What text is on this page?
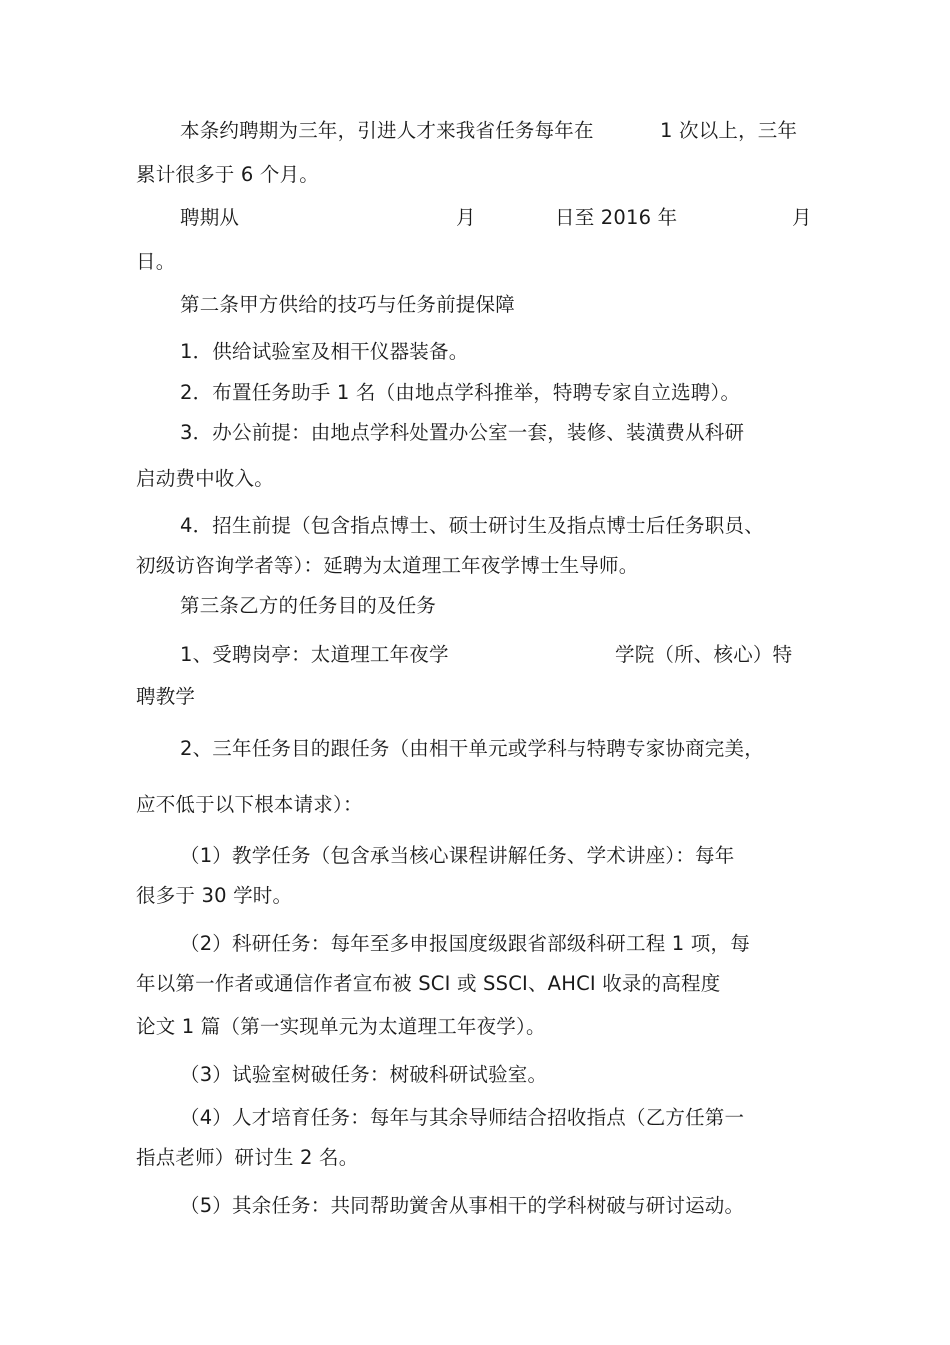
本条约聘期为三年，引进人才来我省任务每年在	1 次以上，三年
累计很多于 6 个月。
聘期从	月	日至 2016 年	月
日。
第二条甲方供给的技巧与任务前提保障
1．供给试验室及相干仪器装备。
2．布置任务助手 1 名（由地点学科推举，特聘专家自立选聘）。
3．办公前提：由地点学科处置办公室一套，装修、装潢费从科研
启动费中收入。
4．招生前提（包含指点博士、硕士研讨生及指点博士后任务职员、
初级访咨询学者等）：延聘为太道理工年夜学博士生导师。
第三条乙方的任务目的及任务
1、受聘岗亭：太道理工年夜学	学院（所、核心）特
聘教学
2、三年任务目的跟任务（由相干单元或学科与特聘专家协商完美，
应不低于以下根本请求）：
（1）教学任务（包含承当核心课程讲解任务、学术讲座）：每年
很多于 30 学时。
（2）科研任务：每年至多申报国度级跟省部级科研工程 1 项，每
年以第一作者或通信作者宣布被 SCI 或 SSCI、AHCI 收录的高程度
论文 1 篇（第一实现单元为太道理工年夜学）。
（3）试验室树破任务：树破科研试验室。
（4）人才培育任务：每年与其余导师结合招收指点（乙方任第一
指点老师）研讨生 2 名。
（5）其余任务：共同帮助黉舍从事相干的学科树破与研讨运动。
